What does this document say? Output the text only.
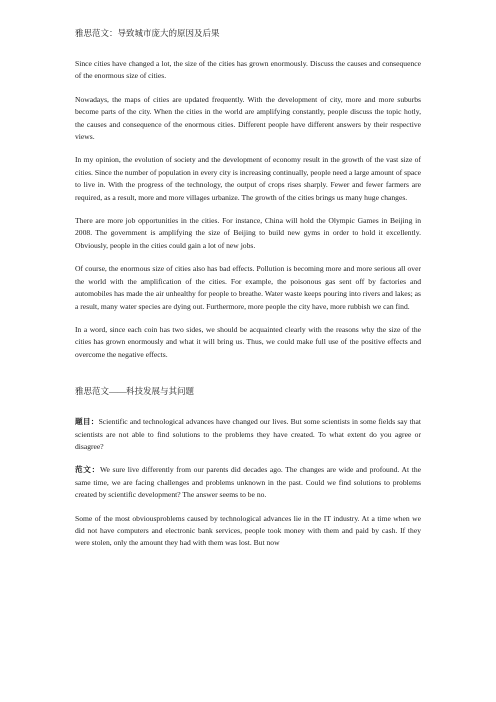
雅思范文：导致城市庞大的原因及后果

Since cities have changed a lot, the size of the cities has grown enormously. Discuss the causes and consequence of the enormous size of cities.

Nowadays, the maps of cities are updated frequently. With the development of city, more and more suburbs become parts of the city. When the cities in the world are amplifying constantly, people discuss the topic hotly, the causes and consequence of the enormous cities. Different people have different answers by their respective views.

In my opinion, the evolution of society and the development of economy result in the growth of the vast size of cities. Since the number of population in every city is increasing continually, people need a large amount of space to live in. With the progress of the technology, the output of crops rises sharply. Fewer and fewer farmers are required, as a result, more and more villages urbanize. The growth of the cities brings us many huge changes.

There are more job opportunities in the cities. For instance, China will hold the Olympic Games in Beijing in 2008. The government is amplifying the size of Beijing to build new gyms in order to hold it excellently. Obviously, people in the cities could gain a lot of new jobs.

Of course, the enormous size of cities also has bad effects. Pollution is becoming more and more serious all over the world with the amplification of the cities. For example, the poisonous gas sent off by factories and automobiles has made the air unhealthy for people to breathe. Water waste keeps pouring into rivers and lakes; as a result, many water species are dying out. Furthermore, more people the city have, more rubbish we can find.

In a word, since each coin has two sides, we should be acquainted clearly with the reasons why the size of the cities has grown enormously and what it will bring us. Thus, we could make full use of the positive effects and overcome the negative effects.

雅思范文——科技发展与其问题

题目：Scientific and technological advances have changed our lives. But some scientists in some fields say that scientists are not able to find solutions to the problems they have created. To what extent do you agree or disagree?

范文：We sure live differently from our parents did decades ago. The changes are wide and profound. At the same time, we are facing challenges and problems unknown in the past. Could we find solutions to problems created by scientific development? The answer seems to be no.

Some of the most obviousproblems caused by technological advances lie in the IT industry. At a time when we did not have computers and electronic bank services, people took money with them and paid by cash. If they were stolen, only the amount they had with them was lost. But now
